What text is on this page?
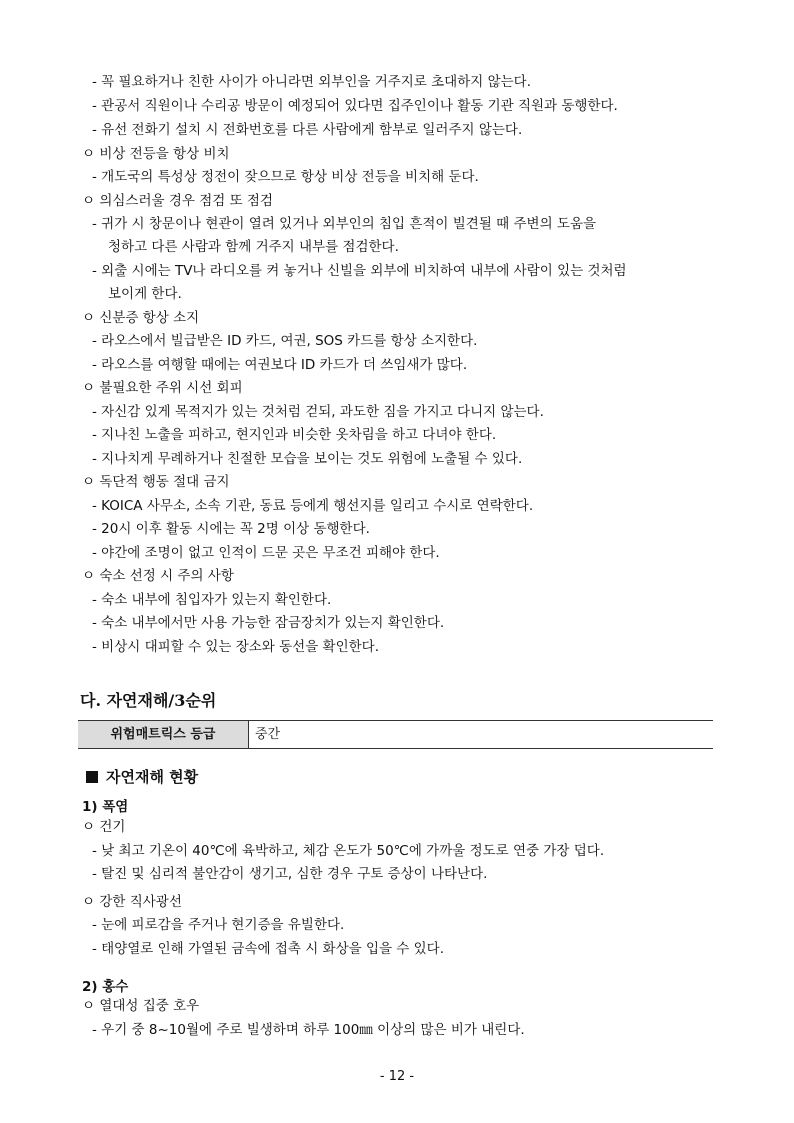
- 꼭 필요하거나 친한 사이가 아니라면 외부인을 거주지로 초대하지 않는다.
- 관공서 직원이나 수리공 방문이 예정되어 있다면 집주인이나 활동 기관 직원과 동행한다.
- 유선 전화기 설치 시 전화번호를 다른 사람에게 함부로 일러주지 않는다.
ㅇ 비상 전등을 항상 비치
- 개도국의 특성상 정전이 잦으므로 항상 비상 전등을 비치해 둔다.
ㅇ 의심스러울 경우 점검 또 점검
- 귀가 시 창문이나 현관이 열려 있거나 외부인의 침입 흔적이 빌견될 때 주변의 도움을
청하고 다른 사람과 함께 거주지 내부를 점검한다.
- 외출 시에는 TV나 라디오를 켜 놓거나 신빌을 외부에 비치하여 내부에 사람이 있는 것처럼
보이게 한다.
ㅇ 신분증 항상 소지
- 라오스에서 빌급받은 ID 카드, 여권, SOS 카드를 항상 소지한다.
- 라오스를 여행할 때에는 여권보다 ID 카드가 더 쓰임새가 많다.
ㅇ 불필요한 주위 시선 회피
- 자신감 있게 목적지가 있는 것처럼 걷되, 과도한 짐을 가지고 다니지 않는다.
- 지나친 노출을 피하고, 현지인과 비슷한 옷차림을 하고 다녀야 한다.
- 지나치게 무례하거나 친절한 모습을 보이는 것도 위험에 노출될 수 있다.
ㅇ 독단적 행동 절대 금지
- KOICA 사무소, 소속 기관, 동료 등에게 행선지를 일리고 수시로 연락한다.
- 20시 이후 활동 시에는 꼭 2명 이상 동행한다.
- 야간에 조명이 없고 인적이 드문 곳은 무조건 피해야 한다.
ㅇ 숙소 선정 시 주의 사항
- 숙소 내부에 침입자가 있는지 확인한다.
- 숙소 내부에서만 사용 가능한 잠금장치가 있는지 확인한다.
- 비상시 대피할 수 있는 장소와 동선을 확인한다.
다. 자연재해/3순위
위험매트릭스 등급	중간
자연재해 현황
1) 폭염
ㅇ 건기
- 낮 최고 기온이 40℃에 육박하고, 체감 온도가 50℃에 가까울 정도로 연중 가장 덥다.
- 탈진 및 심리적 불안감이 생기고, 심한 경우 구토 증상이 나타난다.
ㅇ 강한 직사광선
- 눈에 피로감을 주거나 현기증을 유빌한다.
- 태양열로 인해 가열된 금속에 접촉 시 화상을 입을 수 있다.
2) 홍수
ㅇ 열대성 집중 호우
- 우기 중 8~10월에 주로 빌생하며 하루 100㎜ 이상의 많은 비가 내린다.
- 12 -
